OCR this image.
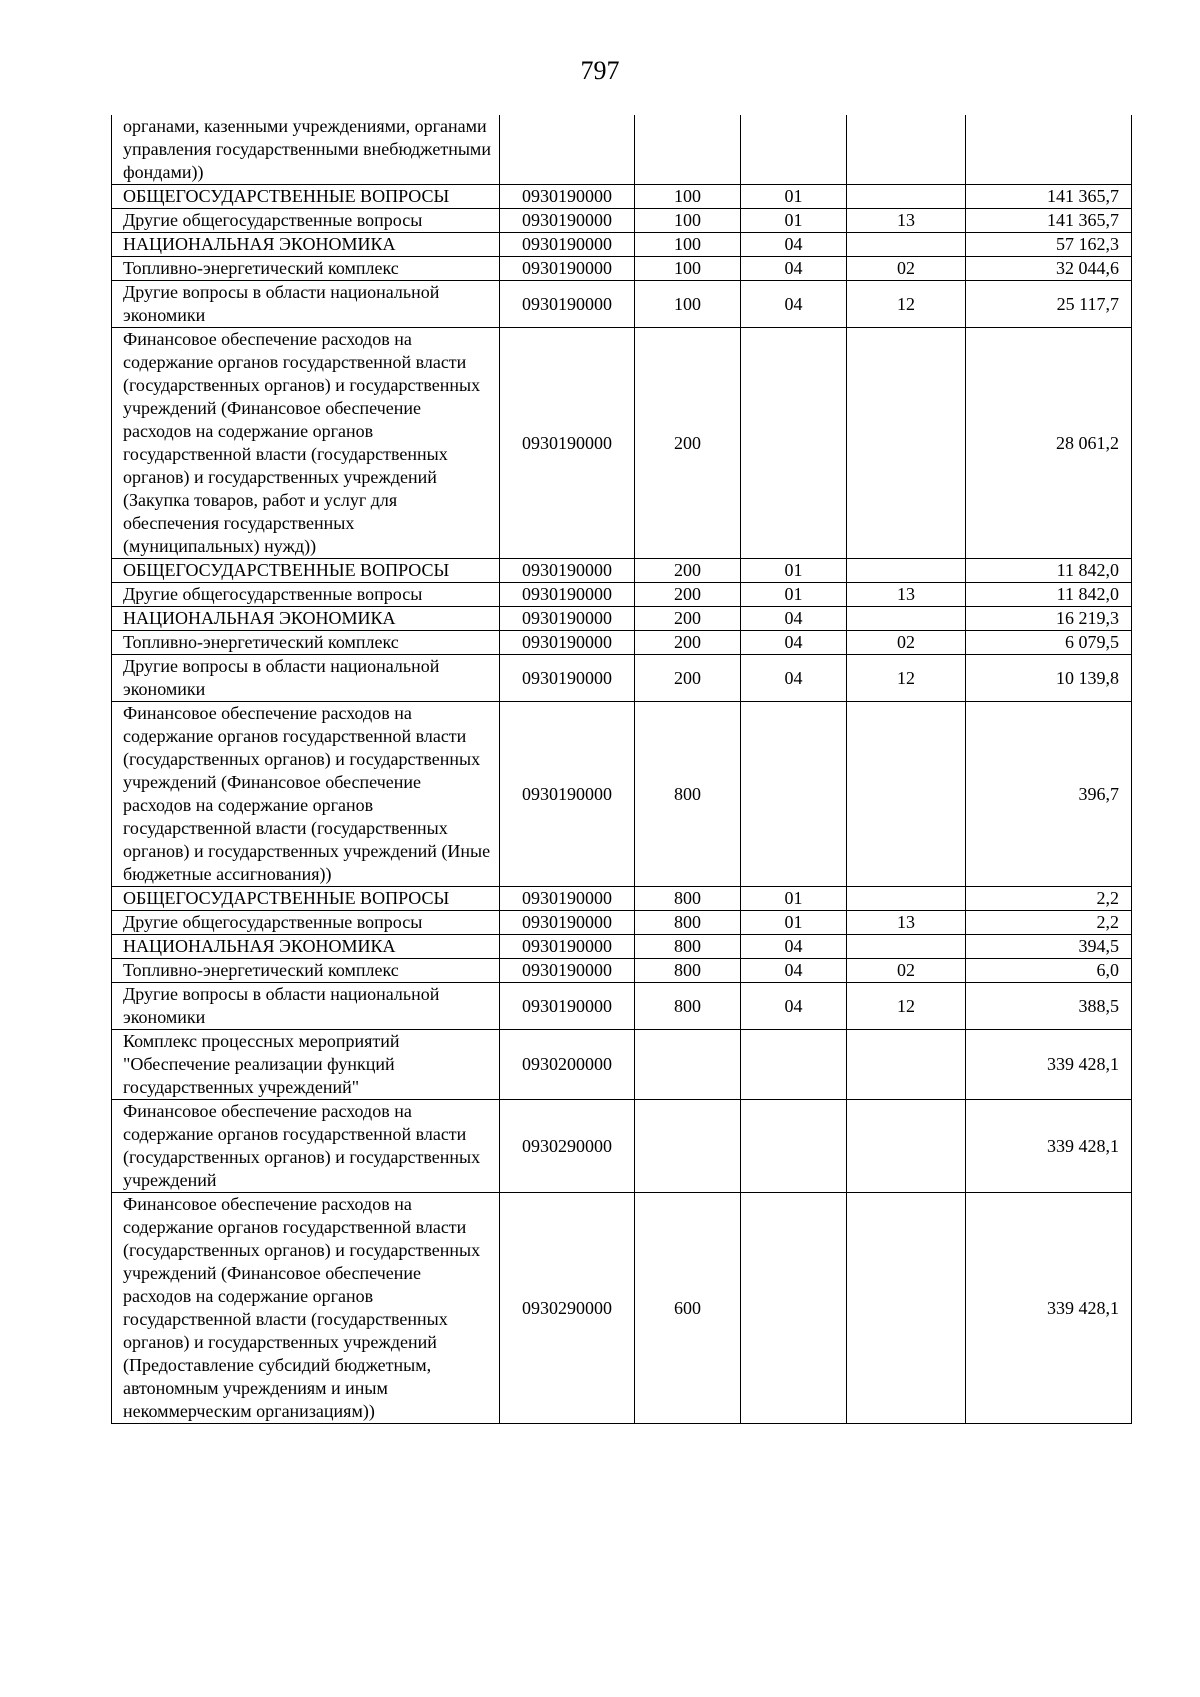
797
органами, казенными учреждениями, органами управления государственными внебюджетными фондами))					
ОБЩЕГОСУДАРСТВЕННЫЕ ВОПРОСЫ	0930190000	100	01		141 365,7
Другие общегосударственные вопросы	0930190000	100	01	13	141 365,7
НАЦИОНАЛЬНАЯ ЭКОНОМИКА	0930190000	100	04		57 162,3
Топливно-энергетический комплекс	0930190000	100	04	02	32 044,6
Другие вопросы в области национальной экономики	0930190000	100	04	12	25 117,7
Финансовое обеспечение расходов на содержание органов государственной власти (государственных органов) и государственных учреждений (Финансовое обеспечение расходов на содержание органов государственной власти (государственных органов) и государственных учреждений (Закупка товаров, работ и услуг для обеспечения государственных (муниципальных) нужд))	0930190000	200			28 061,2
ОБЩЕГОСУДАРСТВЕННЫЕ ВОПРОСЫ	0930190000	200	01		11 842,0
Другие общегосударственные вопросы	0930190000	200	01	13	11 842,0
НАЦИОНАЛЬНАЯ ЭКОНОМИКА	0930190000	200	04		16 219,3
Топливно-энергетический комплекс	0930190000	200	04	02	6 079,5
Другие вопросы в области национальной экономики	0930190000	200	04	12	10 139,8
Финансовое обеспечение расходов на содержание органов государственной власти (государственных органов) и государственных учреждений (Финансовое обеспечение расходов на содержание органов государственной власти (государственных органов) и государственных учреждений (Иные бюджетные ассигнования))	0930190000	800			396,7
ОБЩЕГОСУДАРСТВЕННЫЕ ВОПРОСЫ	0930190000	800	01		2,2
Другие общегосударственные вопросы	0930190000	800	01	13	2,2
НАЦИОНАЛЬНАЯ ЭКОНОМИКА	0930190000	800	04		394,5
Топливно-энергетический комплекс	0930190000	800	04	02	6,0
Другие вопросы в области национальной экономики	0930190000	800	04	12	388,5
Комплекс процессных мероприятий "Обеспечение реализации функций государственных учреждений"	0930200000				339 428,1
Финансовое обеспечение расходов на содержание органов государственной власти (государственных органов) и государственных учреждений	0930290000				339 428,1
Финансовое обеспечение расходов на содержание органов государственной власти (государственных органов) и государственных учреждений (Финансовое обеспечение расходов на содержание органов государственной власти (государственных органов) и государственных учреждений (Предоставление субсидий бюджетным, автономным учреждениям и иным некоммерческим организациям))	0930290000	600			339 428,1
